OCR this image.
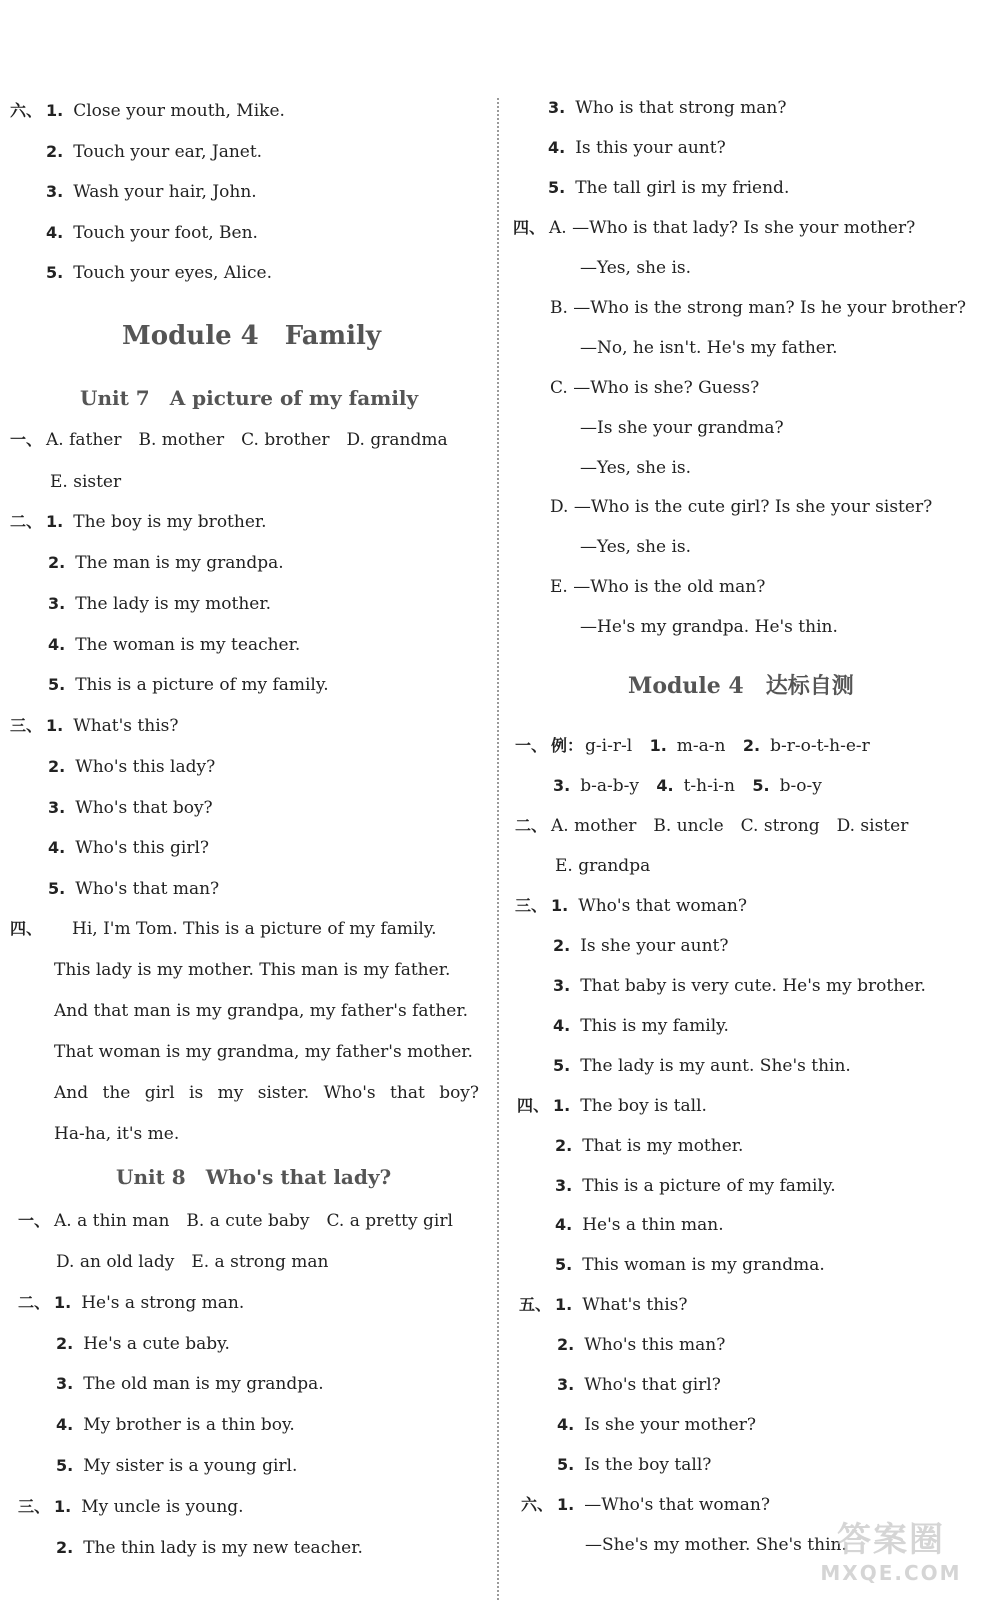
六、 1. Close your mouth, Mike.
2. Touch your ear, Janet.
3. Wash your hair, John.
4. Touch your foot, Ben.
5. Touch your eyes, Alice.
Module 4　Family
Unit 7　A picture of my family
一、 A. father　B. mother　C. brother　D. grandma
E. sister
二、 1. The boy is my brother.
2. The man is my grandpa.
3. The lady is my mother.
4. The woman is my teacher.
5. This is a picture of my family.
三、 1. What's this?
2. Who's this lady?
3. Who's that boy?
4. Who's this girl?
5. Who's that man?
四、 Hi, I'm Tom. This is a picture of my family.
This lady is my mother. This man is my father.
And that man is my grandpa, my father's father.
That woman is my grandma, my father's mother.
And the girl is my sister. Who's that boy?
Ha-ha, it's me.
Unit 8　Who's that lady?
一、 A. a thin man　B. a cute baby　C. a pretty girl
D. an old lady　E. a strong man
二、 1. He's a strong man.
2. He's a cute baby.
3. The old man is my grandpa.
4. My brother is a thin boy.
5. My sister is a young girl.
三、 1. My uncle is young.
2. The thin lady is my new teacher.
3. Who is that strong man?
4. Is this your aunt?
5. The tall girl is my friend.
四、 A. —Who is that lady? Is she your mother?
—Yes, she is.
B. —Who is the strong man? Is he your brother?
—No, he isn't. He's my father.
C. —Who is she? Guess?
—Is she your grandma?
—Yes, she is.
D. —Who is the cute girl? Is she your sister?
—Yes, she is.
E. —Who is the old man?
—He's my grandpa. He's thin.
Module 4　达标自测
一、 例： g-i-r-l 1. m-a-n 2. b-r-o-t-h-e-r
3. b-a-b-y 4. t-h-i-n 5. b-o-y
二、 A. mother　B. uncle　C. strong　D. sister
E. grandpa
三、 1. Who's that woman?
2. Is she your aunt?
3. That baby is very cute. He's my brother.
4. This is my family.
5. The lady is my aunt. She's thin.
四、 1. The boy is tall.
2. That is my mother.
3. This is a picture of my family.
4. He's a thin man.
5. This woman is my grandma.
五、 1. What's this?
2. Who's this man?
3. Who's that girl?
4. Is she your mother?
5. Is the boy tall?
六、 1. —Who's that woman?
—She's my mother. She's thin.
答案圈
MXQE.COM
